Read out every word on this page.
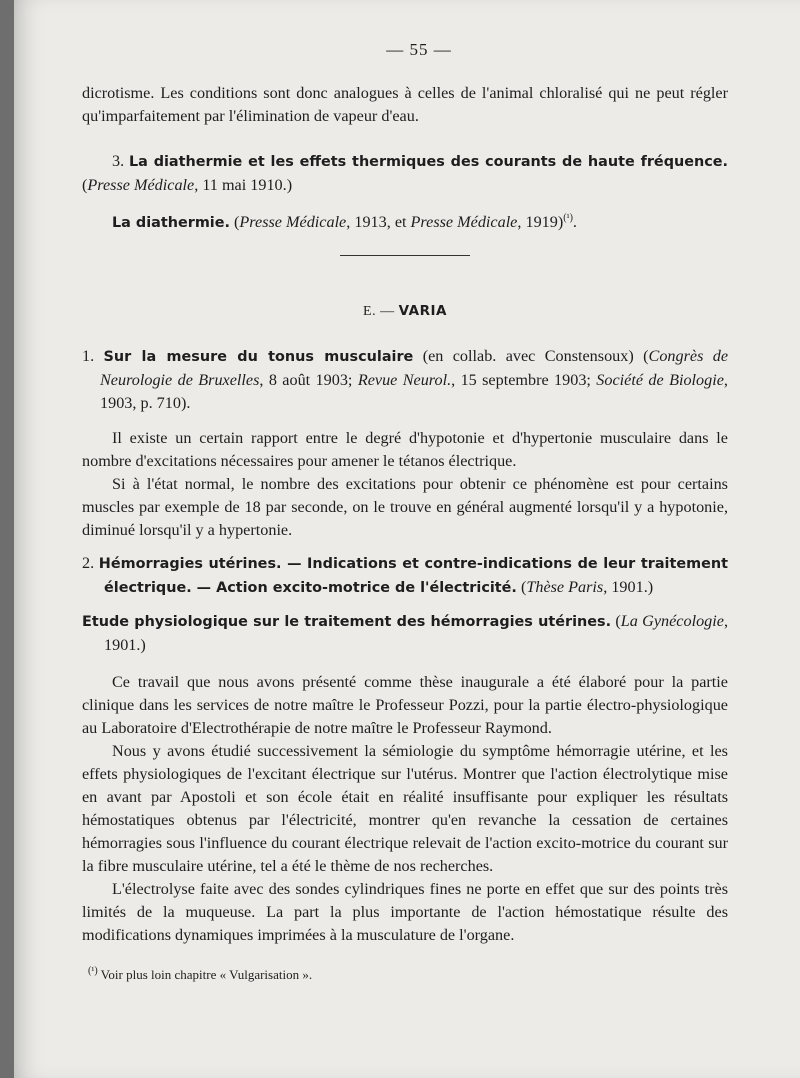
— 55 —

dicrotisme. Les conditions sont donc analogues à celles de l'animal chloralisé qui ne peut régler qu'imparfaitement par l'élimination de vapeur d'eau.

3. La diathermie et les effets thermiques des courants de haute fréquence. (Presse Médicale, 11 mai 1910.)

La diathermie. (Presse Médicale, 1913, et Presse Médicale, 1919)$^{(^1)}$.

E. — VARIA

1. Sur la mesure du tonus musculaire (en collab. avec Constensoux) (Congrès de Neurologie de Bruxelles, 8 août 1903; Revue Neurol., 15 septembre 1903; Société de Biologie, 1903, p. 710).

Il existe un certain rapport entre le degré d'hypotonie et d'hypertonie musculaire dans le nombre d'excitations nécessaires pour amener le tétanos électrique.

Si à l'état normal, le nombre des excitations pour obtenir ce phénomène est pour certains muscles par exemple de 18 par seconde, on le trouve en général augmenté lorsqu'il y a hypotonie, diminué lorsqu'il y a hypertonie.

2. Hémorragies utérines. — Indications et contre-indications de leur traitement électrique. — Action excito-motrice de l'électricité. (Thèse Paris, 1901.)

Etude physiologique sur le traitement des hémorragies utérines. (La Gynécologie, 1901.)

Ce travail que nous avons présenté comme thèse inaugurale a été élaboré pour la partie clinique dans les services de notre maître le Professeur Pozzi, pour la partie électro-physiologique au Laboratoire d'Electrothérapie de notre maître le Professeur Raymond.

Nous y avons étudié successivement la sémiologie du symptôme hémorragie utérine, et les effets physiologiques de l'excitant électrique sur l'utérus. Montrer que l'action électrolytique mise en avant par Apostoli et son école était en réalité insuffisante pour expliquer les résultats hémostatiques obtenus par l'électricité, montrer qu'en revanche la cessation de certaines hémorragies sous l'influence du courant électrique relevait de l'action excito-motrice du courant sur la fibre musculaire utérine, tel a été le thème de nos recherches.

L'électrolyse faite avec des sondes cylindriques fines ne porte en effet que sur des points très limités de la muqueuse. La part la plus importante de l'action hémostatique résulte des modifications dynamiques imprimées à la musculature de l'organe.

$^{(^1)}$ Voir plus loin chapitre « Vulgarisation ».
